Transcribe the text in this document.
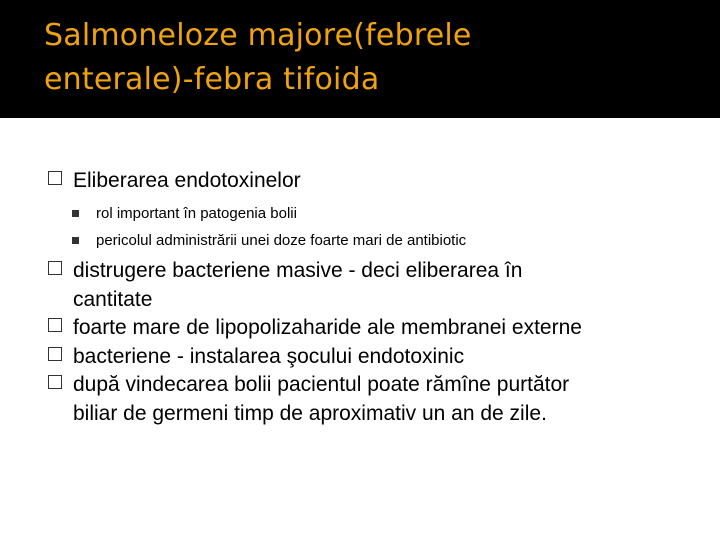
Salmoneloze majore(febrele
enterale)-febra tifoida
Eliberarea endotoxinelor
rol important în patogenia bolii
pericolul administrării unei doze foarte mari de antibiotic
distrugere bacteriene masive - deci eliberarea în
cantitate
foarte mare de lipopolizaharide ale membranei externe
bacteriene - instalarea şocului endotoxinic
după vindecarea bolii pacientul poate rămîne purtător
biliar de germeni timp de aproximativ un an de zile.
